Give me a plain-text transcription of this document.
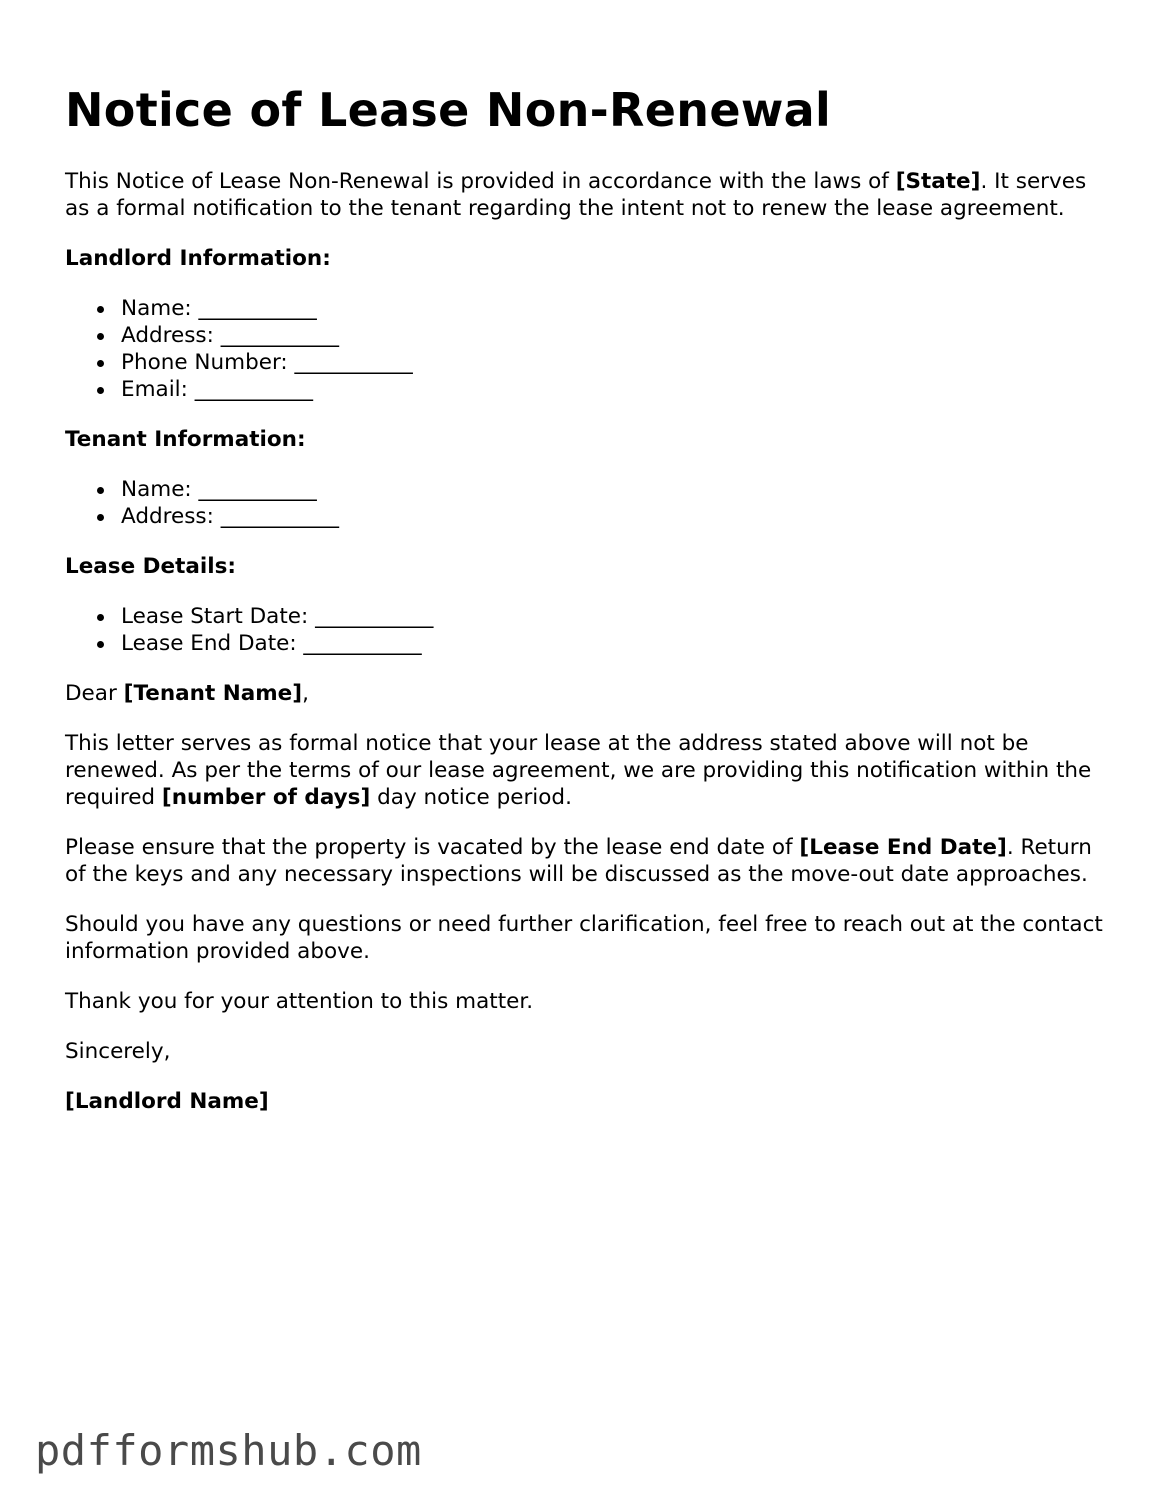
Notice of Lease Non-Renewal

This Notice of Lease Non-Renewal is provided in accordance with the laws of [State]. It serves as a formal notification to the tenant regarding the intent not to renew the lease agreement.

Landlord Information:

Name: ___________
Address: ___________
Phone Number: ___________
Email: ___________

Tenant Information:

Name: ___________
Address: ___________

Lease Details:

Lease Start Date: ___________
Lease End Date: ___________

Dear [Tenant Name],

This letter serves as formal notice that your lease at the address stated above will not be renewed. As per the terms of our lease agreement, we are providing this notification within the required [number of days] day notice period.

Please ensure that the property is vacated by the lease end date of [Lease End Date]. Return of the keys and any necessary inspections will be discussed as the move-out date approaches.

Should you have any questions or need further clarification, feel free to reach out at the contact information provided above.

Thank you for your attention to this matter.

Sincerely,

[Landlord Name]

pdfformshub.com
